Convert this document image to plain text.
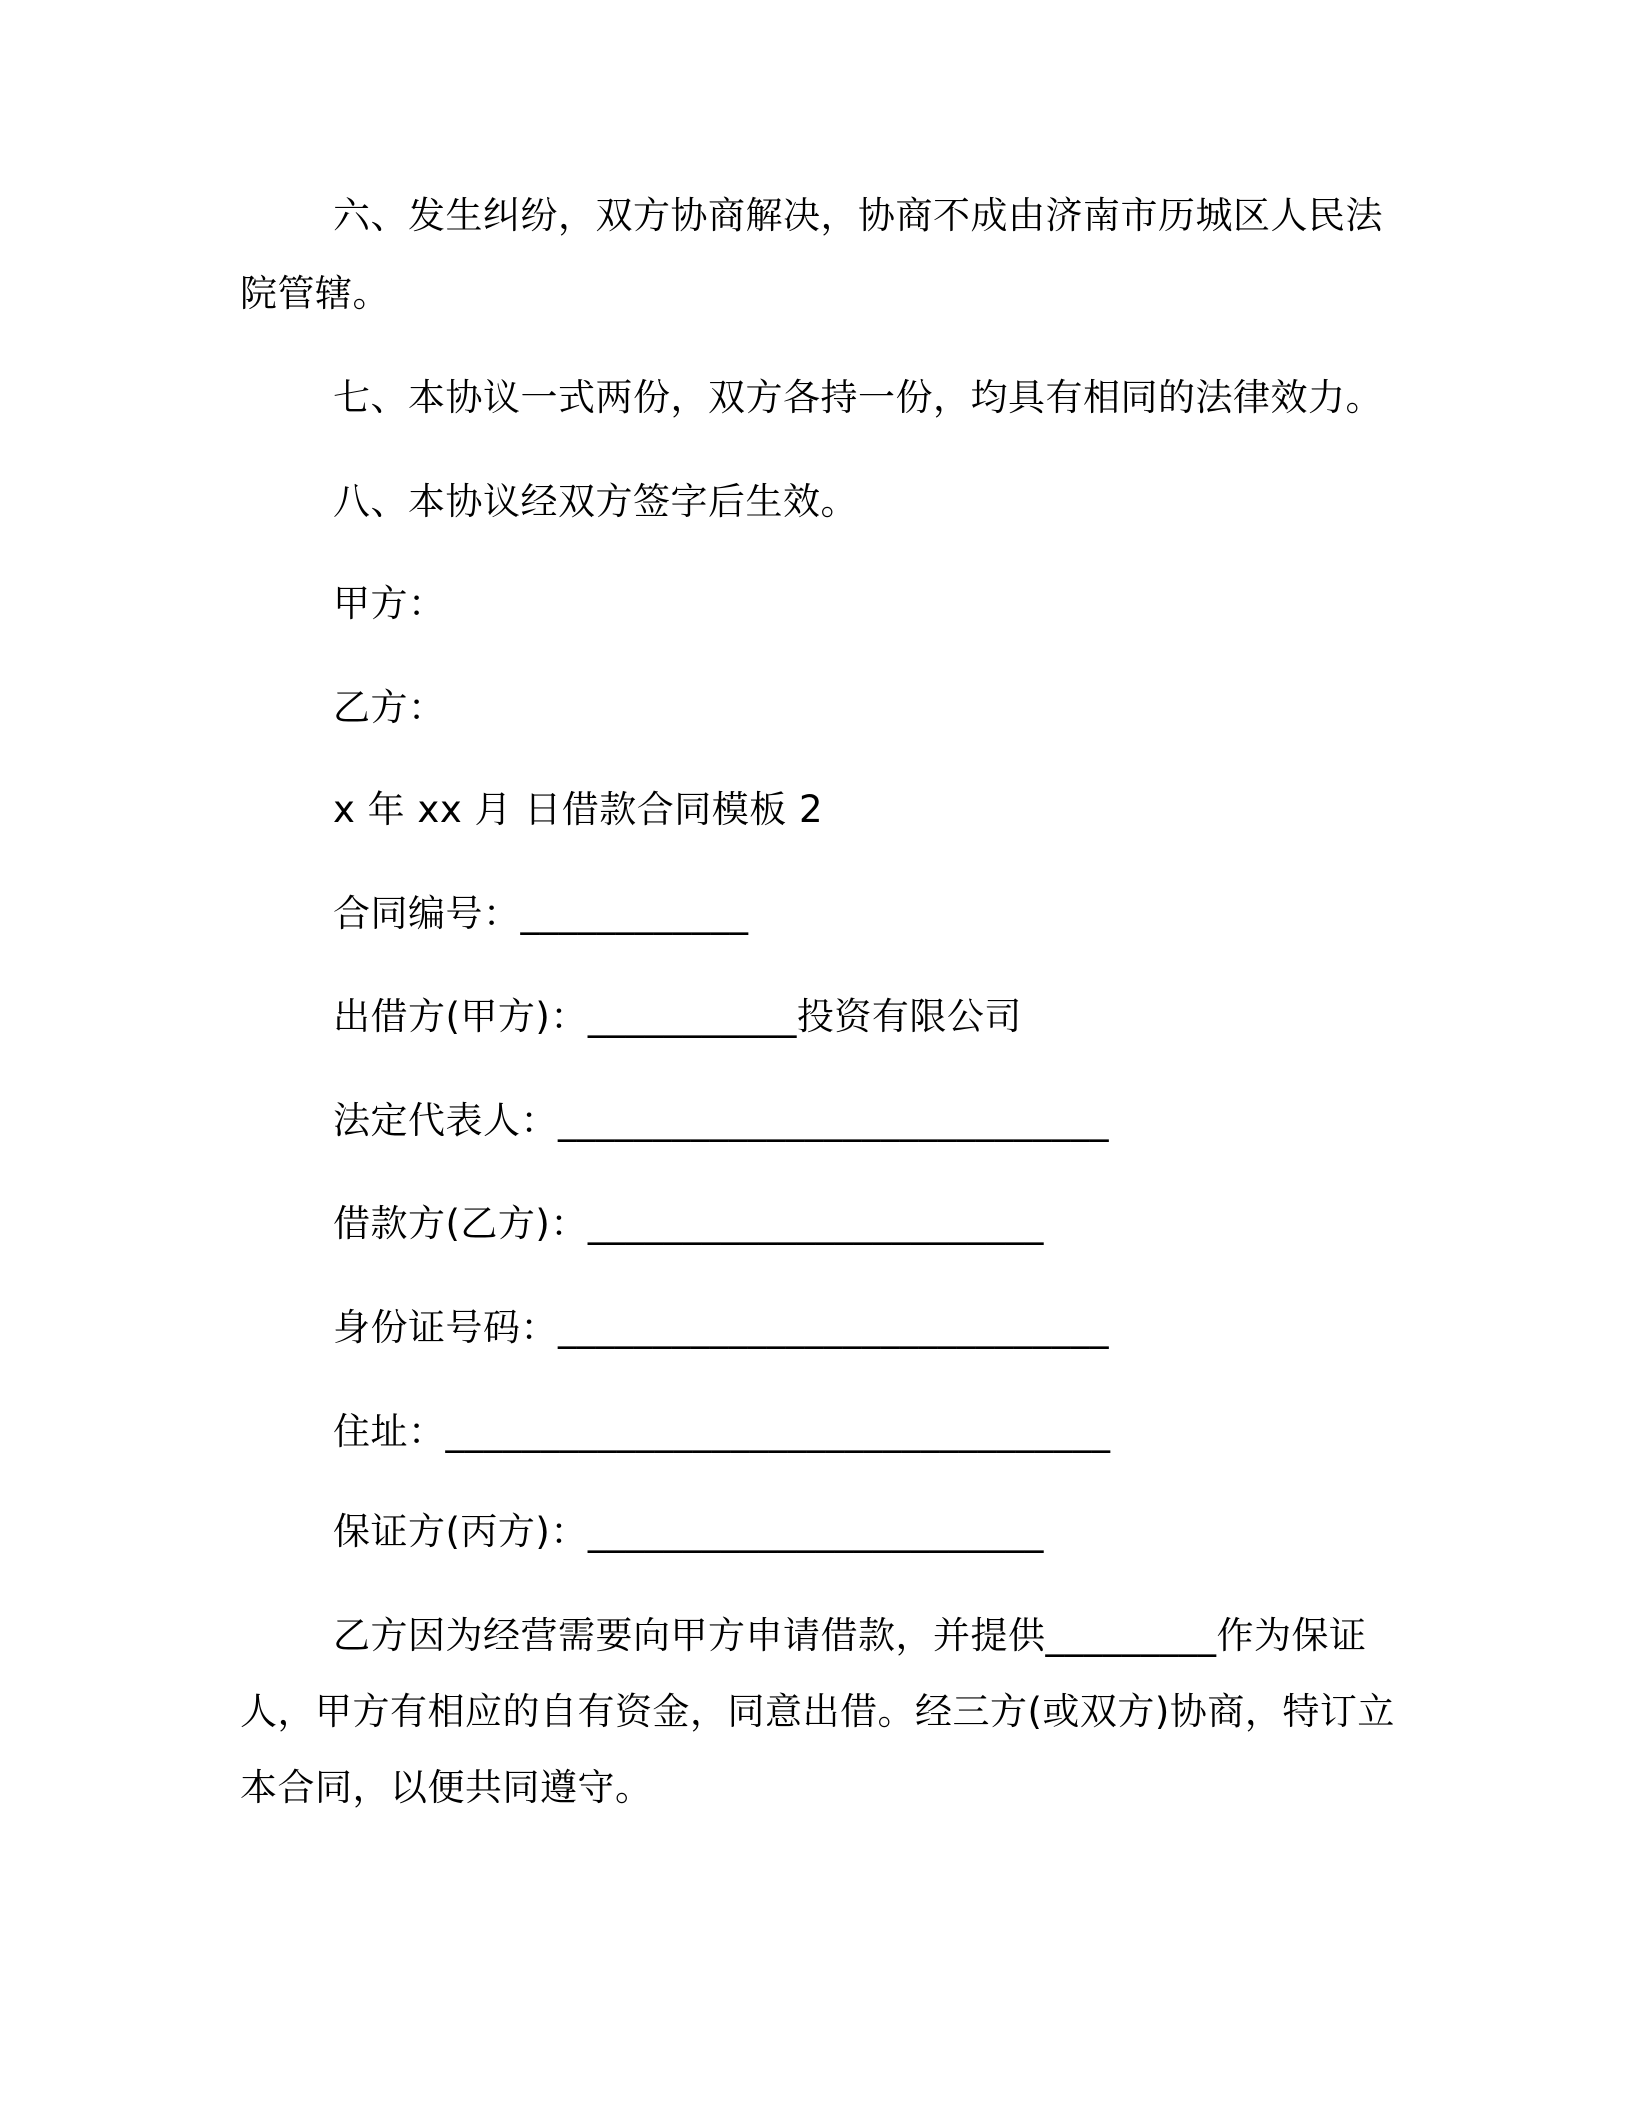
六、发生纠纷，双方协商解决，协商不成由济南市历城区人民法
院管辖。
七、本协议一式两份，双方各持一份，均具有相同的法律效力。
八、本协议经双方签字后生效。
甲方：
乙方：
x 年 xx 月 日借款合同模板 2
合同编号：____________
出借方(甲方)：___________投资有限公司
法定代表人：_____________________________
借款方(乙方)：________________________
身份证号码：_____________________________
住址：___________________________________
保证方(丙方)：________________________
乙方因为经营需要向甲方申请借款，并提供_________作为保证
人，甲方有相应的自有资金，同意出借。经三方(或双方)协商，特订立
本合同，以便共同遵守。
